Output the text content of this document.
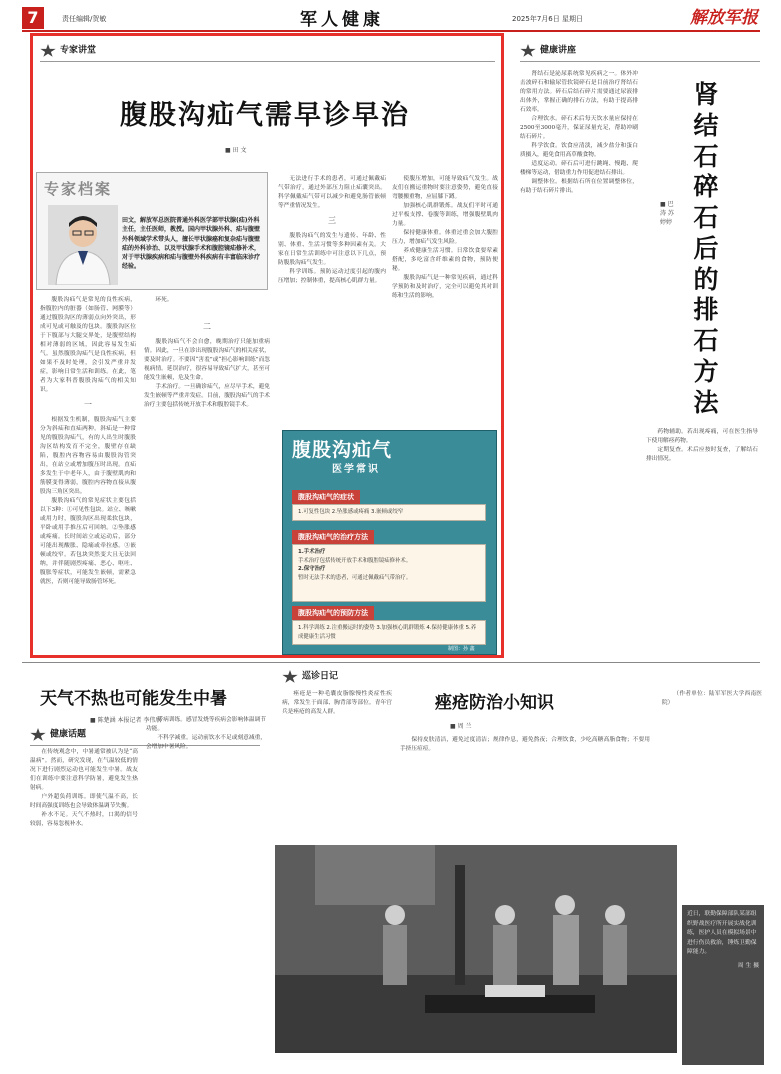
7	责任编辑/贺敏	军人健康	2025年7月6日 星期日	解放军报
专家讲堂
腹股沟疝气需早诊早治
■ 田 文
专家档案
田文，解放军总医院普通外科医学部甲状腺(疝)外科主任，主任医师，教授。国内甲状腺外科、疝与腹壁外科领域学术带头人，擅长甲状腺癌和复杂疝与腹壁疝的外科诊治、以及甲状腺手术和腹腔镜疝修补术，对于甲状腺疾病和疝与腹壁外科疾病有丰富临床诊疗经验。

腹股沟疝气是常见的良性疾病，指腹腔内的脏器（如肠管、网膜等）通过腹股沟区的薄弱点向外突出，形成可见或可触及的包块。腹股沟区位于下腹部与大腿交界处，是腹壁结构相对薄弱的区域，因此容易发生疝气。虽然腹股沟疝气是良性疾病，但如果不及时处理，会引发严重并发症，影响日常生活和训练。在此，笔者为大家科普腹股沟疝气的相关知识。

一

根据发生机制，腹股沟疝气主要分为斜疝和直疝两种。斜疝是一种常见的腹股沟疝气，有的人出生时腹股沟区结构发育不完全，腹壁存在缺陷，腹腔内容物容易由腹股沟管突出，在站立或增加腹压时出现。直疝多发生于中老年人，由于腹壁肌肉和筋膜变得薄弱，腹腔内容物直接从腹股沟三角区突出。

腹股沟疝气的常见症状主要包括以下3种：①可见性包块。站立、咳嗽或用力时，腹股沟区出现柔软包块，平卧或用手推压后可回纳。②坠胀感或疼痛。长时间站立或运动后，部分可能出现酸胀、隐痛或牵拉感。③嵌顿或绞窄。若包块突然变大且无法回纳，并伴随剧烈疼痛、恶心、呕吐、腹胀等症状，可能发生嵌顿，需紧急就医，否则可能导致肠管坏死。

环死。

二

腹股沟疝气不会自愈，晚期治疗只能加重病情。因此，一旦在诊出现腹股沟疝气的相关症状，要及时治疗。不要因“害羞”或“担心影响训练”而忽视病情。延误治疗，很容易导致疝气扩大，甚至可能发生嵌顿，危及生命。

手术治疗。一旦确诊疝气，应尽早手术，避免发生嵌顿等严重并发症。目前，腹股沟疝气的手术治疗主要包括传统开放手术和腹腔镜手术。

无法进行手术的患者，可通过佩戴疝气带治疗，通过外部压力阻止疝囊突出。科学佩戴疝气带可以减少和避免肠管嵌顿等严重情况发生。

三

腹股沟疝气的发生与遗传、年龄、性别、体重、生活习惯等多种因素有关。大家在日常生活训练中可注意以下几点，预防腹股沟疝气发生。

科学训练。预防运动过度引起的腹内压增加；控制体重，提高核心肌群力量。

使腹压增加，可能导致疝气发生。战友们在搬运重物时要注意姿势，避免直接弯腰搬重物，应屈膝下蹲。

加强核心肌群锻炼。战友们平时可通过平板支撑、卷腹等训练，增强腹壁肌肉力量。

保持健康体重。体重过重会加大腹腔压力，增加疝气发生风险。

养成健康生活习惯。日常饮食要荤素搭配，多吃富含纤维素的食物，预防便秘。

腹股沟疝气是一种常见疾病，通过科学预防和及时治疗，完全可以避免其对训练和生活的影响。

腹股沟疝气
医学常识
腹股沟疝气的症状
1.可复性包块 2.坠胀感或疼痛 3.嵌顿或绞窄
腹股沟疝气的治疗方法
1.手术治疗
手术治疗包括传统开放手术和腹腔镜疝修补术。
2.保守治疗
暂时无法手术的患者，可通过佩戴疝气带治疗。
腹股沟疝气的预防方法
1.科学训练 2.注重搬运时的姿势 3.加强核心肌群锻炼 4.保持健康体重 5.养成健康生活习惯
制图：孙 鑫
健康讲座
肾结石碎石后的排石方法
■ 巴 涛 苏婷婷

肾结石是泌尿系统常见疾病之一。体外冲击波碎石和输尿管软镜碎石是目前治疗肾结石的常用方法。碎石后结石碎片需要通过尿液排出体外，掌握正确的排石方法，有助于提高排石效率。

合理饮水。碎石术后每天饮水量应保持在2500至3000毫升，保证尿量充足，帮助冲刷结石碎片。

科学饮食。饮食应清淡，减少盐分和蛋白质摄入，避免食用高草酸食物。

适度运动。碎石后可进行跳绳、慢跑、爬楼梯等运动，借助重力作用促进结石排出。

调整体位。根据结石所在位置调整体位，有助于结石碎片排出。

药物辅助。若出现疼痛，可在医生指导下使用解痉药物。

定期复查。术后应按时复查，了解结石排出情况。

天气不热也可能发生中暑
■ 陈楚涵 本报记者 李伟欣
健康话题

在传统观念中，中暑通常被认为是“高温病”。然而，研究发现，在气温较低的情况下进行剧烈运动也可能发生中暑。战友们在训练中要注意科学防暑，避免发生热射病。

户外超负荷训练。即使气温不高，长时间高强度训练也会导致体温调节失衡。

补水不足。天气不热时，口渴的信号较弱，容易忽视补水。

带病训练。感冒发烧等疾病会影响体温调节功能。

不科学减重。运动前饮水不足或刻意减重，会增加中暑风险。

巡诊日记
痤疮防治小知识
■ 周 兰

痤疮是一种毛囊皮脂腺慢性炎症性疾病，常发生于面部、胸背部等部位。青年官兵是痤疮的高发人群。

保持皮肤清洁，避免过度清洁；规律作息，避免熬夜；合理饮食，少吃高糖高脂食物；不要用手挤压痘痘。

（作者单位：陆军军医大学西南医院）

近日，联勤保障部队某部组织野战医疗所开展实战化训练，医护人员在模拟场景中进行伤员救治，锤炼卫勤保障能力。
周 生 摄
